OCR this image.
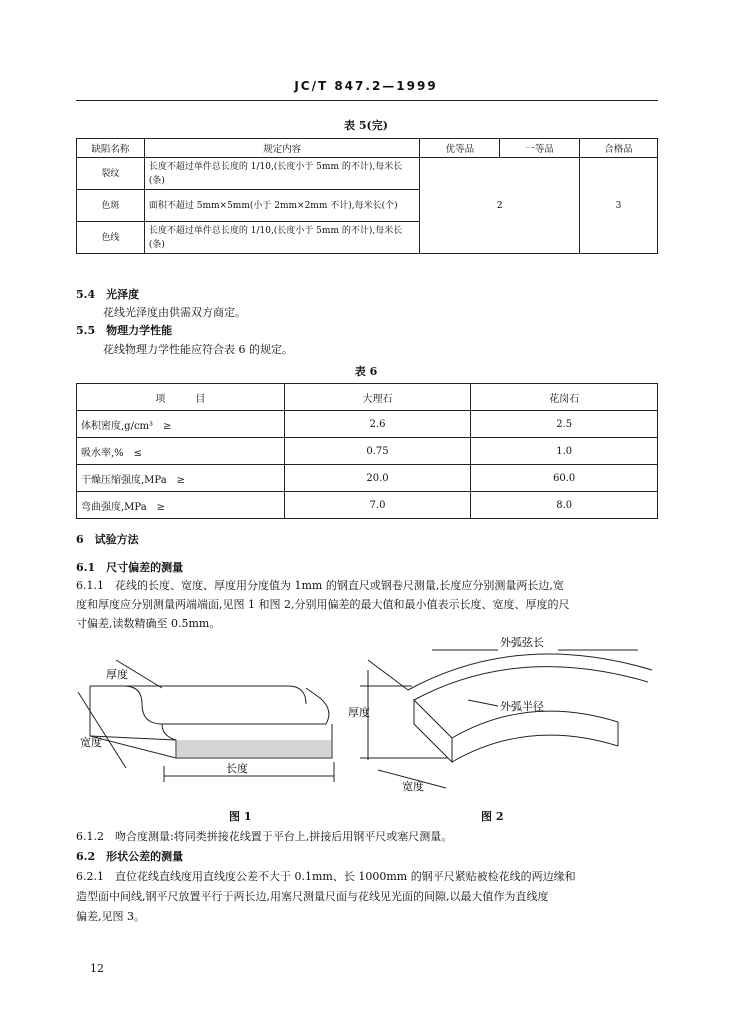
JC/T 847.2—1999
表 5(完)
缺陷名称	规定内容	优等品	一等品	合格品
裂纹	长度不超过单件总长度的 1/10,(长度小于 5mm 的不计),每米长(条)	2		3
色斑	面积不超过 5mm×5mm(小于 2mm×2mm 不计),每米长(个)			
色线	长度不超过单件总长度的 1/10,(长度小于 5mm 的不计),每米长(条)			
5.4　光泽度
花线光泽度由供需双方商定。
5.5　物理力学性能
花线物理力学性能应符合表 6 的规定。
表 6
项　　　目	大理石	花岗石
体积密度,g/cm³　≥	2.6	2.5
吸水率,%　≤	0.75	1.0
干燥压缩强度,MPa　≥	20.0	60.0
弯曲强度,MPa　≥	7.0	8.0
6　试验方法
6.1　尺寸偏差的测量
6.1.1　花线的长度、宽度、厚度用分度值为 1mm 的钢直尺或钢卷尺测量,长度应分别测量两长边,宽
度和厚度应分别测量两端端面,见图 1 和图 2,分别用偏差的最大值和最小值表示长度、宽度、厚度的尺
寸偏差,读数精确至 0.5mm。
厚度
宽度
长度
外弧弦长
外弧半径
厚度
宽度
图 1	图 2
6.1.2　吻合度测量:将同类拼接花线置于平台上,拼接后用钢平尺或塞尺测量。
6.2　形状公差的测量
6.2.1　直位花线直线度用直线度公差不大于 0.1mm、长 1000mm 的钢平尺紧贴被检花线的两边缘和
造型面中间线,钢平尺放置平行于两长边,用塞尺测量尺面与花线见光面的间隙,以最大值作为直线度
偏差,见图 3。
12
